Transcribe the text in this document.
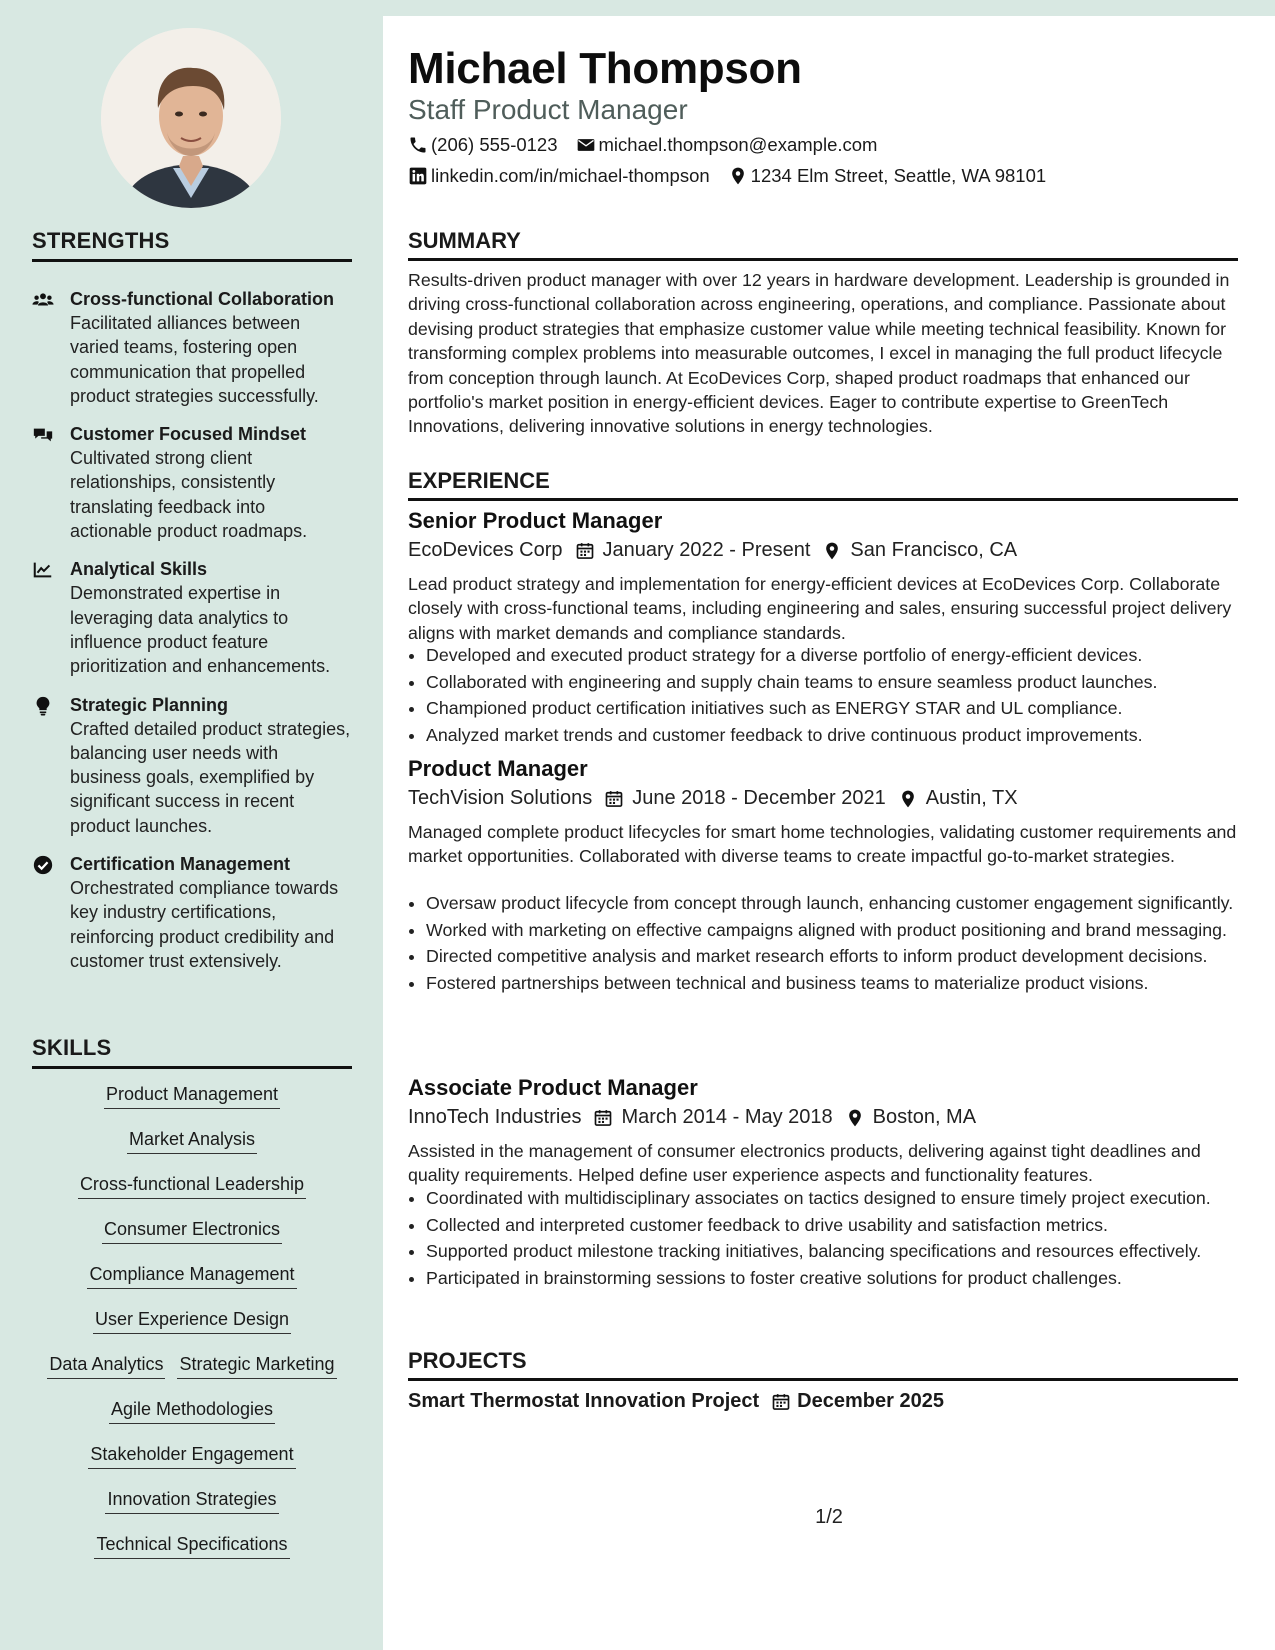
STRENGTHS
Cross-functional Collaboration
Facilitated alliances between varied teams, fostering open communication that propelled product strategies successfully.
Customer Focused Mindset
Cultivated strong client relationships, consistently translating feedback into actionable product roadmaps.
Analytical Skills
Demonstrated expertise in leveraging data analytics to influence product feature prioritization and enhancements.
Strategic Planning
Crafted detailed product strategies, balancing user needs with business goals, exemplified by significant success in recent product launches.
Certification Management
Orchestrated compliance towards key industry certifications, reinforcing product credibility and customer trust extensively.
SKILLS
Product Management
Market Analysis
Cross-functional Leadership
Consumer Electronics
Compliance Management
User Experience Design
Data Analytics Strategic Marketing
Agile Methodologies
Stakeholder Engagement
Innovation Strategies
Technical Specifications
Michael Thompson
Staff Product Manager
(206) 555-0123 michael.thompson@example.com
linkedin.com/in/michael-thompson 1234 Elm Street, Seattle, WA 98101
SUMMARY
Results-driven product manager with over 12 years in hardware development. Leadership is grounded in driving cross-functional collaboration across engineering, operations, and compliance. Passionate about devising product strategies that emphasize customer value while meeting technical feasibility. Known for transforming complex problems into measurable outcomes, I excel in managing the full product lifecycle from conception through launch. At EcoDevices Corp, shaped product roadmaps that enhanced our portfolio's market position in energy-efficient devices. Eager to contribute expertise to GreenTech Innovations, delivering innovative solutions in energy technologies.
EXPERIENCE
Senior Product Manager
EcoDevices Corp January 2022 - Present San Francisco, CA
Lead product strategy and implementation for energy-efficient devices at EcoDevices Corp. Collaborate closely with cross-functional teams, including engineering and sales, ensuring successful project delivery aligns with market demands and compliance standards.
• Developed and executed product strategy for a diverse portfolio of energy-efficient devices.
• Collaborated with engineering and supply chain teams to ensure seamless product launches.
• Championed product certification initiatives such as ENERGY STAR and UL compliance.
• Analyzed market trends and customer feedback to drive continuous product improvements.
Product Manager
TechVision Solutions June 2018 - December 2021 Austin, TX
Managed complete product lifecycles for smart home technologies, validating customer requirements and market opportunities. Collaborated with diverse teams to create impactful go-to-market strategies.
• Oversaw product lifecycle from concept through launch, enhancing customer engagement significantly.
• Worked with marketing on effective campaigns aligned with product positioning and brand messaging.
• Directed competitive analysis and market research efforts to inform product development decisions.
• Fostered partnerships between technical and business teams to materialize product visions.
Associate Product Manager
InnoTech Industries March 2014 - May 2018 Boston, MA
Assisted in the management of consumer electronics products, delivering against tight deadlines and quality requirements. Helped define user experience aspects and functionality features.
• Coordinated with multidisciplinary associates on tactics designed to ensure timely project execution.
• Collected and interpreted customer feedback to drive usability and satisfaction metrics.
• Supported product milestone tracking initiatives, balancing specifications and resources effectively.
• Participated in brainstorming sessions to foster creative solutions for product challenges.
PROJECTS
Smart Thermostat Innovation Project December 2025
1/2
